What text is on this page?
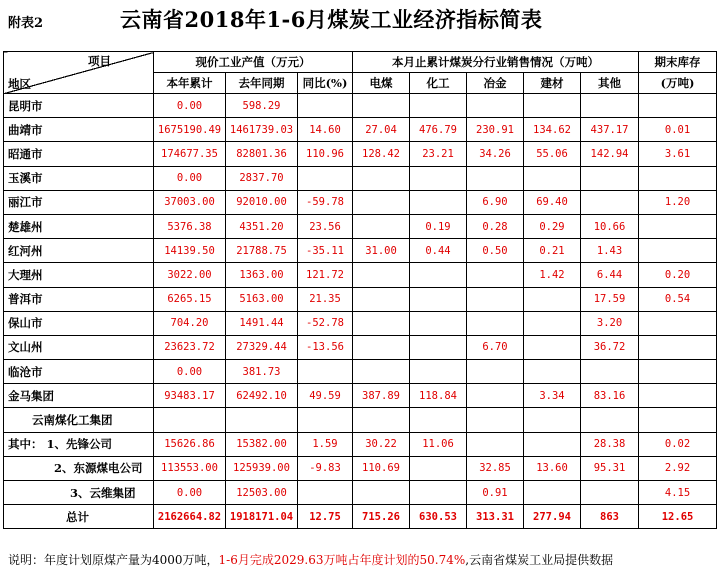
附表2	云南省2018年1-6月煤炭工业经济指标简表
项目
地区	现价工业产值（万元）			本月止累计煤炭分行业销售情况（万吨）					期末库存
	本年累计	去年同期	同比(%)	电煤	化工	冶金	建材	其他	(万吨)
昆明市	0.00	598.29							
曲靖市	1675190.49	1461739.03	14.60	27.04	476.79	230.91	134.62	437.17	0.01
昭通市	174677.35	82801.36	110.96	128.42	23.21	34.26	55.06	142.94	3.61
玉溪市	0.00	2837.70							
丽江市	37003.00	92010.00	-59.78			6.90	69.40		1.20
楚雄州	5376.38	4351.20	23.56		0.19	0.28	0.29	10.66	
红河州	14139.50	21788.75	-35.11	31.00	0.44	0.50	0.21	1.43	
大理州	3022.00	1363.00	121.72				1.42	6.44	0.20
普洱市	6265.15	5163.00	21.35					17.59	0.54
保山市	704.20	1491.44	-52.78					3.20	
文山州	23623.72	27329.44	-13.56			6.70		36.72	
临沧市	0.00	381.73							
金马集团	93483.17	62492.10	49.59	387.89	118.84		3.34	83.16	
云南煤化工集团									
其中： 1、先锋公司	15626.86	15382.00	1.59	30.22	11.06			28.38	0.02
2、东源煤电公司	113553.00	125939.00	-9.83	110.69		32.85	13.60	95.31	2.92
3、云维集团	0.00	12503.00				0.91			4.15
总计	2162664.82	1918171.04	12.75	715.26	630.53	313.31	277.94	863	12.65
说明：年度计划原煤产量为4000万吨，1-6月完成2029.63万吨占年度计划的50.74%,云南省煤炭工业局提供数据
